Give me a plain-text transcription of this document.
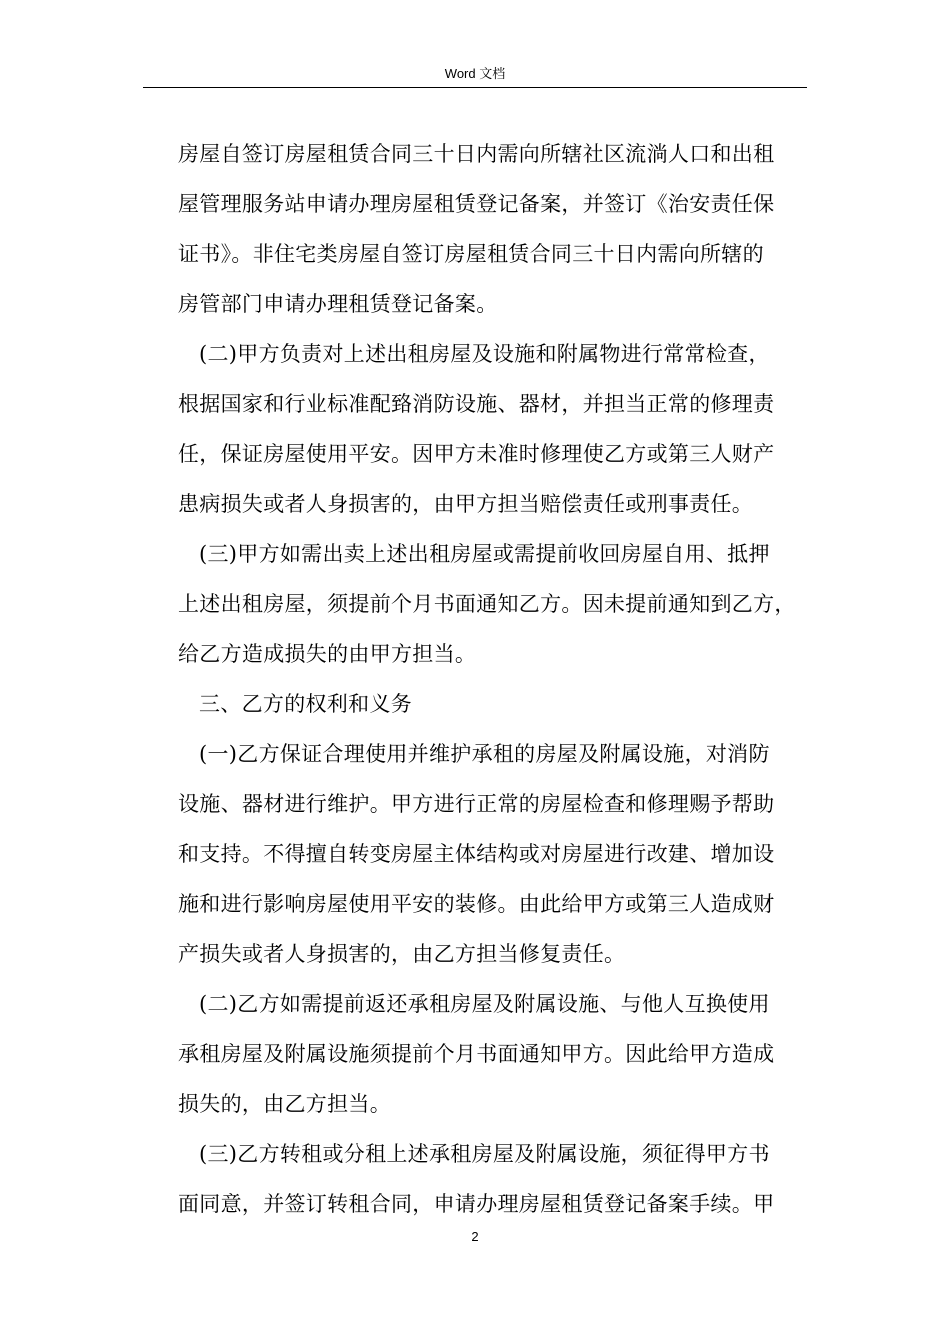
Word 文档
房屋自签订房屋租赁合同三十日内需向所辖社区流淌人口和出租
屋管理服务站申请办理房屋租赁登记备案，并签订《治安责任保
证书》。非住宅类房屋自签订房屋租赁合同三十日内需向所辖的
房管部门申请办理租赁登记备案。
(二)甲方负责对上述出租房屋及设施和附属物进行常常检查，
根据国家和行业标准配臵消防设施、器材，并担当正常的修理责
任，保证房屋使用平安。因甲方未准时修理使乙方或第三人财产
患病损失或者人身损害的，由甲方担当赔偿责任或刑事责任。
(三)甲方如需出卖上述出租房屋或需提前收回房屋自用、抵押
上述出租房屋，须提前个月书面通知乙方。因未提前通知到乙方，
给乙方造成损失的由甲方担当。
三、乙方的权利和义务
(一)乙方保证合理使用并维护承租的房屋及附属设施，对消防
设施、器材进行维护。甲方进行正常的房屋检查和修理赐予帮助
和支持。不得擅自转变房屋主体结构或对房屋进行改建、增加设
施和进行影响房屋使用平安的装修。由此给甲方或第三人造成财
产损失或者人身损害的，由乙方担当修复责任。
(二)乙方如需提前返还承租房屋及附属设施、与他人互换使用
承租房屋及附属设施须提前个月书面通知甲方。因此给甲方造成
损失的，由乙方担当。
(三)乙方转租或分租上述承租房屋及附属设施，须征得甲方书
面同意，并签订转租合同，申请办理房屋租赁登记备案手续。甲
2
